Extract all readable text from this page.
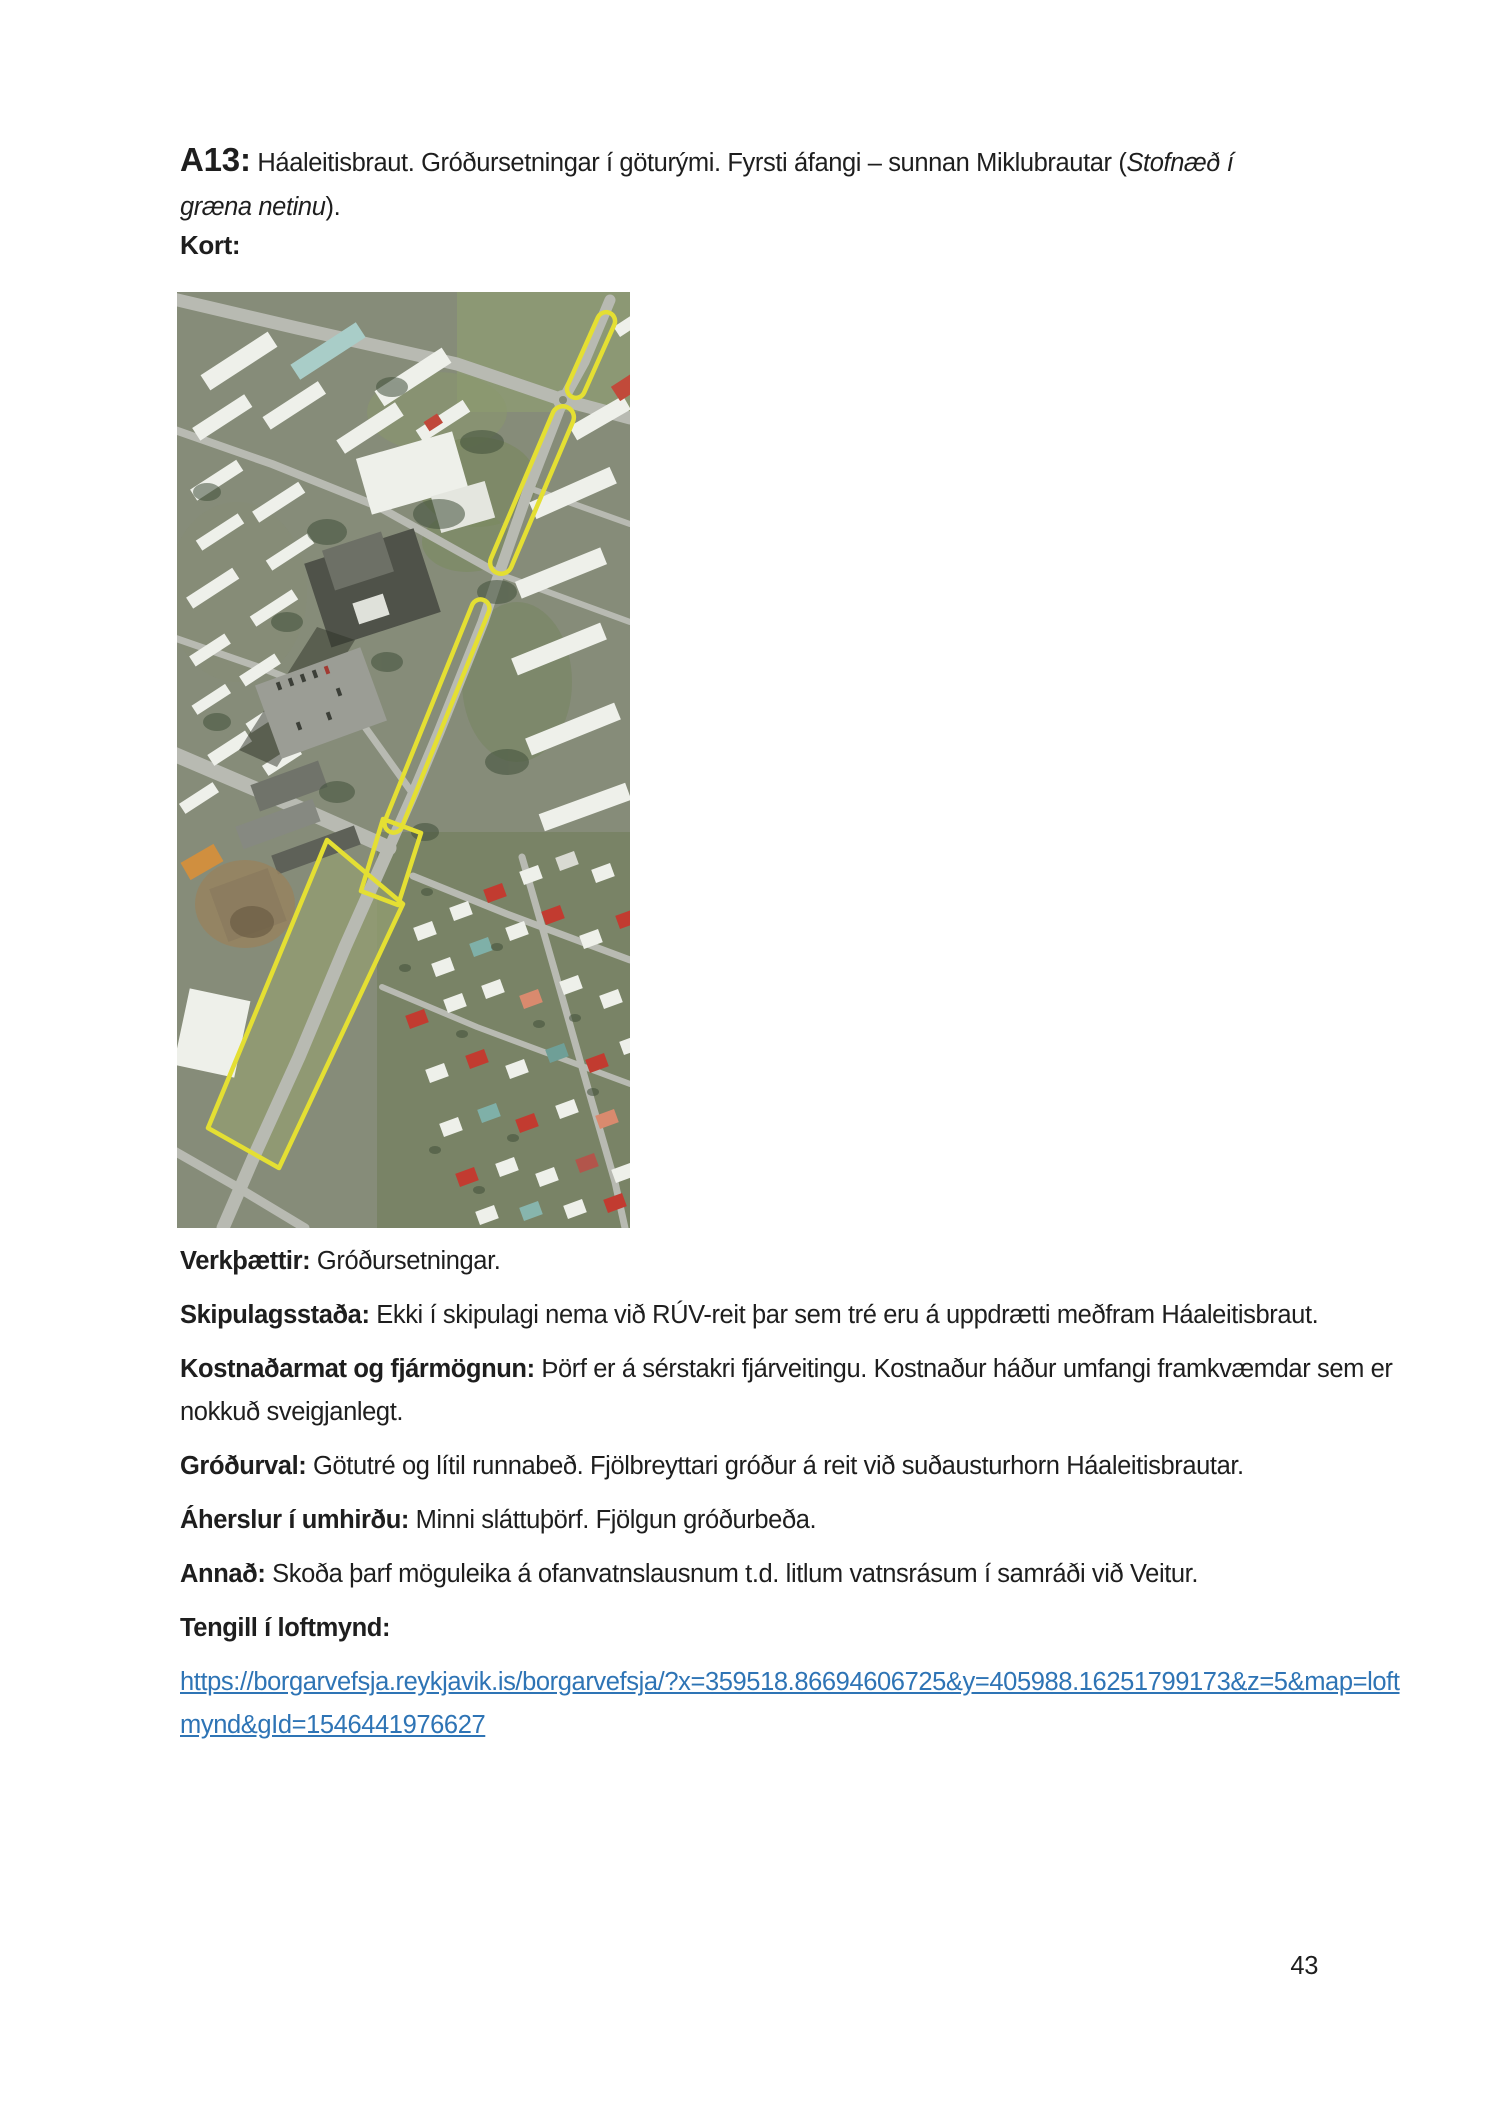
A13: Háaleitisbraut. Gróðursetningar í göturými. Fyrsti áfangi – sunnan Miklubrautar (Stofnæð í
græna netinu).
Kort:

Verkþættir: Gróðursetningar.

Skipulagsstaða: Ekki í skipulagi nema við RÚV-reit þar sem tré eru á uppdrætti meðfram Háaleitisbraut.

Kostnaðarmat og fjármögnun: Þörf er á sérstakri fjárveitingu. Kostnaður háður umfangi framkvæmdar sem er nokkuð sveigjanlegt.

Gróðurval: Götutré og lítil runnabeð. Fjölbreyttari gróður á reit við suðausturhorn Háaleitisbrautar.

Áherslur í umhirðu: Minni sláttuþörf. Fjölgun gróðurbeða.

Annað: Skoða þarf möguleika á ofanvatnslausnum t.d. litlum vatnsrásum í samráði við Veitur.

Tengill í loftmynd:

https://borgarvefsja.reykjavik.is/borgarvefsja/?x=359518.86694606725&y=405988.16251799173&z=5&map=loftmynd&gId=1546441976627

43
